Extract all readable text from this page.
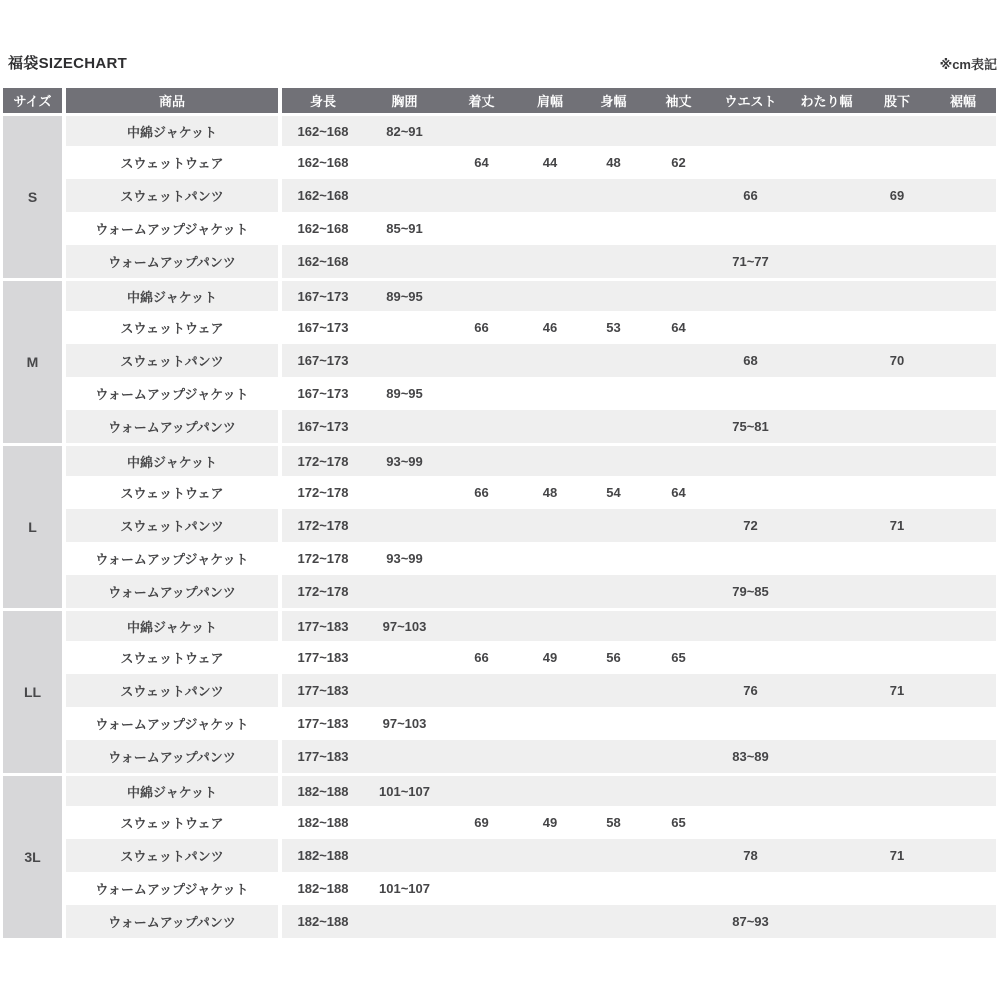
福袋SIZECHART	※cm表記
サイズ	商品	身長	胸囲	着丈	肩幅	身幅	袖丈	ウエスト	わたり幅	股下	裾幅
S	中綿ジャケット	162~168	82~91								
	スウェットウェア	162~168		64	44	48	62				
	スウェットパンツ	162~168						66		69	
	ウォームアップジャケット	162~168	85~91								
	ウォームアップパンツ	162~168						71~77			
M	中綿ジャケット	167~173	89~95								
	スウェットウェア	167~173		66	46	53	64				
	スウェットパンツ	167~173						68		70	
	ウォームアップジャケット	167~173	89~95								
	ウォームアップパンツ	167~173						75~81			
L	中綿ジャケット	172~178	93~99								
	スウェットウェア	172~178		66	48	54	64				
	スウェットパンツ	172~178						72		71	
	ウォームアップジャケット	172~178	93~99								
	ウォームアップパンツ	172~178						79~85			
LL	中綿ジャケット	177~183	97~103								
	スウェットウェア	177~183		66	49	56	65				
	スウェットパンツ	177~183						76		71	
	ウォームアップジャケット	177~183	97~103								
	ウォームアップパンツ	177~183						83~89			
3L	中綿ジャケット	182~188	101~107								
	スウェットウェア	182~188		69	49	58	65				
	スウェットパンツ	182~188						78		71	
	ウォームアップジャケット	182~188	101~107								
	ウォームアップパンツ	182~188						87~93			
